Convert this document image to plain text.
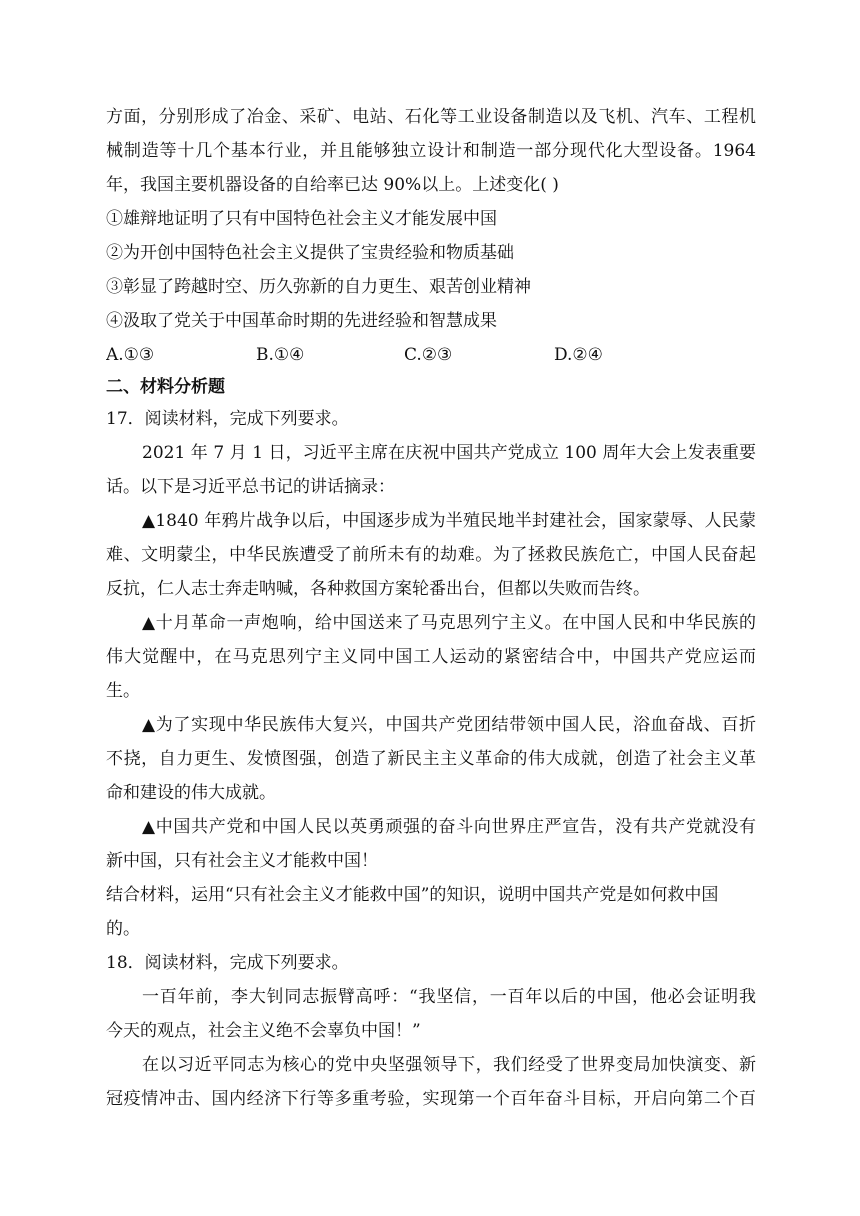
方面，分别形成了冶金、采矿、电站、石化等工业设备制造以及飞机、汽车、工程机
械制造等十几个基本行业，并且能够独立设计和制造一部分现代化大型设备。1964
年，我国主要机器设备的自给率已达 90%以上。上述变化( )
①雄辩地证明了只有中国特色社会主义才能发展中国
②为开创中国特色社会主义提供了宝贵经验和物质基础
③彰显了跨越时空、历久弥新的自力更生、艰苦创业精神
④汲取了党关于中国革命时期的先进经验和智慧成果
A.①③	B.①④	C.②③	D.②④
二、材料分析题
17．阅读材料，完成下列要求。
2021 年 7 月 1 日，习近平主席在庆祝中国共产党成立 100 周年大会上发表重要
话。以下是习近平总书记的讲话摘录：
▲1840 年鸦片战争以后，中国逐步成为半殖民地半封建社会，国家蒙辱、人民蒙
难、文明蒙尘，中华民族遭受了前所未有的劫难。为了拯救民族危亡，中国人民奋起
反抗，仁人志士奔走呐喊，各种救国方案轮番出台，但都以失败而告终。
▲十月革命一声炮响，给中国送来了马克思列宁主义。在中国人民和中华民族的
伟大觉醒中，在马克思列宁主义同中国工人运动的紧密结合中，中国共产党应运而
生。
▲为了实现中华民族伟大复兴，中国共产党团结带领中国人民，浴血奋战、百折
不挠，自力更生、发愤图强，创造了新民主主义革命的伟大成就，创造了社会主义革
命和建设的伟大成就。
▲中国共产党和中国人民以英勇顽强的奋斗向世界庄严宣告，没有共产党就没有
新中国，只有社会主义才能救中国！
结合材料，运用“只有社会主义才能救中国”的知识，说明中国共产党是如何救中国
的。
18．阅读材料，完成下列要求。
一百年前，李大钊同志振臂高呼：“我坚信，一百年以后的中国，他必会证明我
今天的观点，社会主义绝不会辜负中国！”
在以习近平同志为核心的党中央坚强领导下，我们经受了世界变局加快演变、新
冠疫情冲击、国内经济下行等多重考验，实现第一个百年奋斗目标，开启向第二个百
